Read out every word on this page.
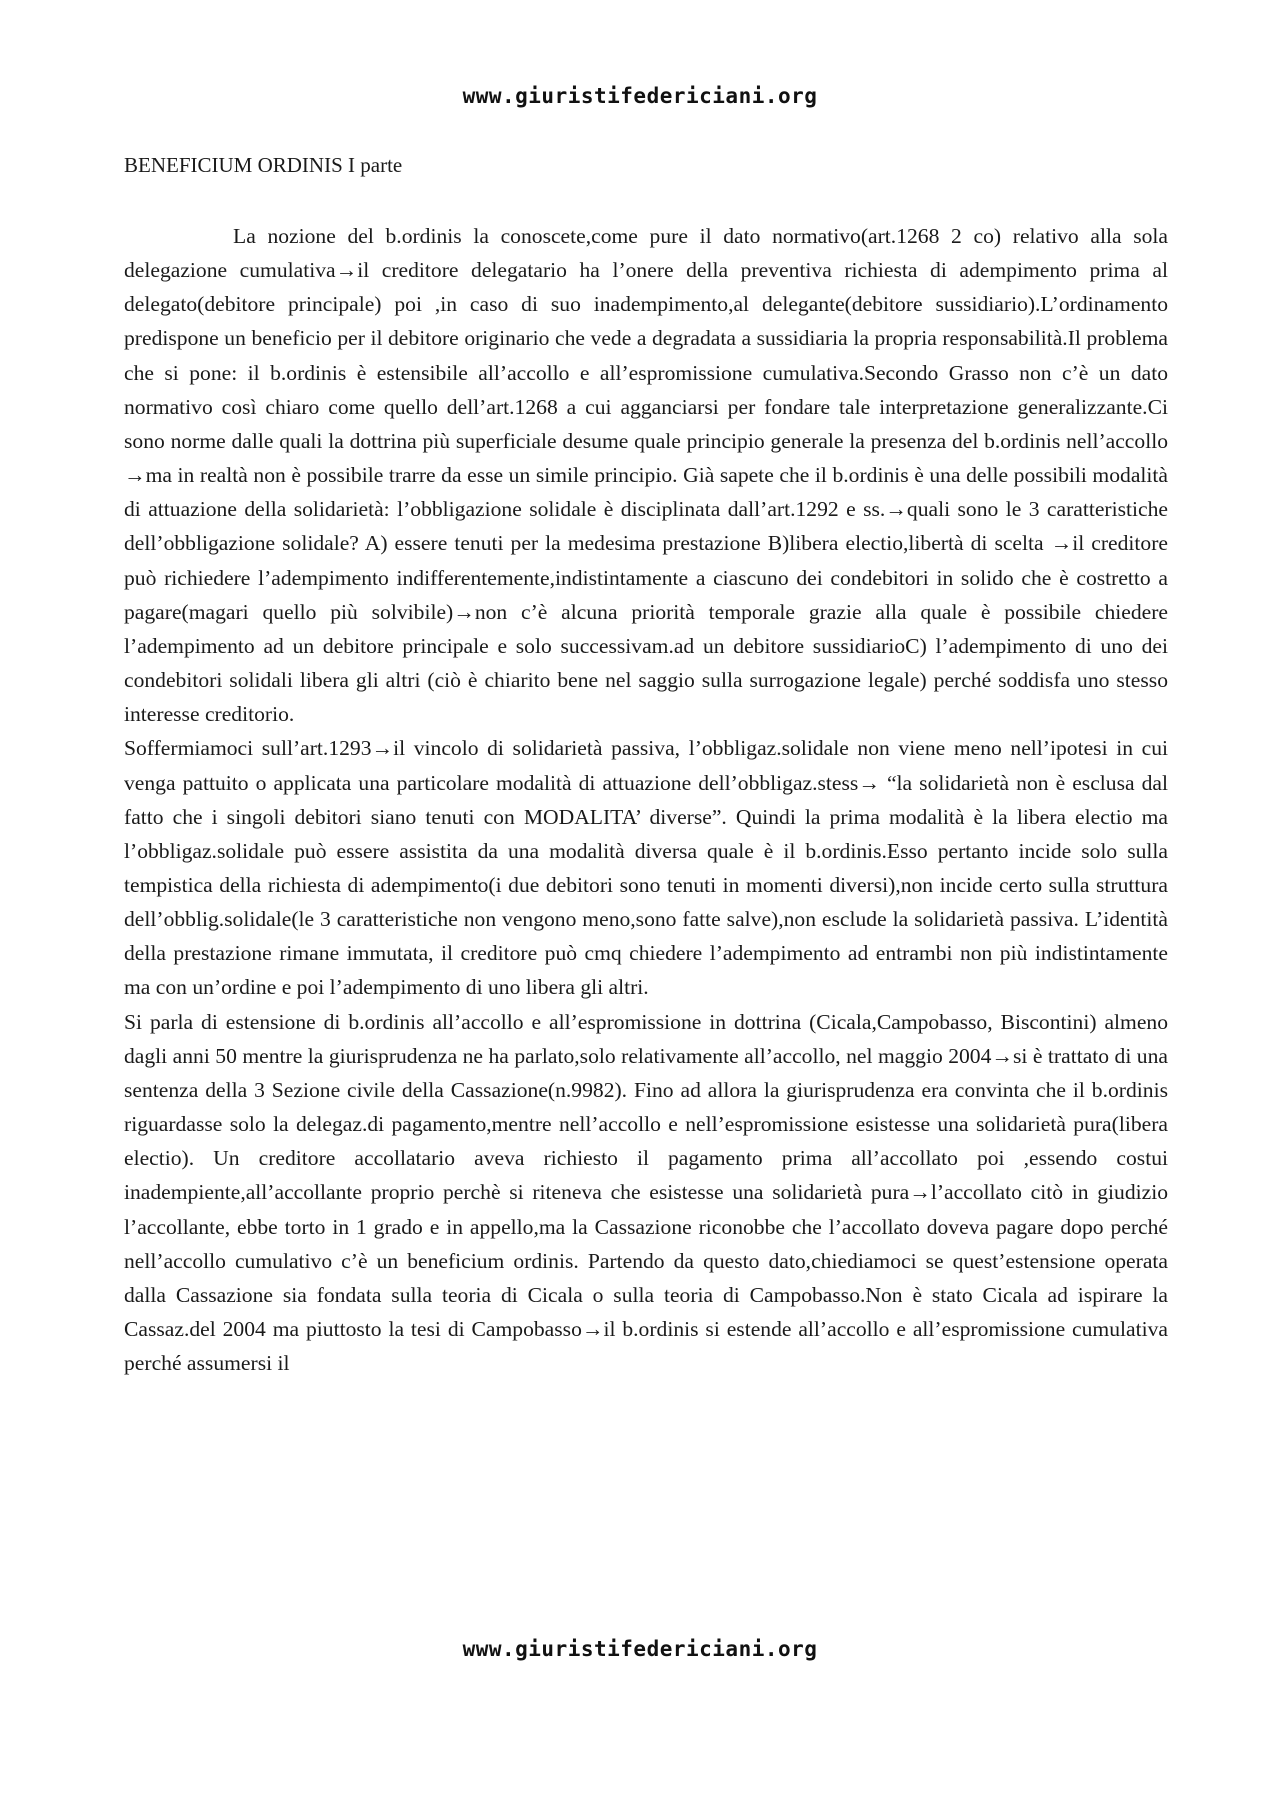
www.giuristifedericiani.org
BENEFICIUM ORDINIS I parte

La nozione del b.ordinis la conoscete,come pure il dato normativo(art.1268 2 co) relativo alla sola delegazione cumulativa→il creditore delegatario ha l’onere della preventiva richiesta di adempimento prima al delegato(debitore principale) poi ,in caso di suo inadempimento,al delegante(debitore sussidiario).L’ordinamento predispone un beneficio per il debitore originario che vede a degradata a sussidiaria la propria responsabilità.Il problema che si pone: il b.ordinis è estensibile all’accollo e all’espromissione cumulativa.Secondo Grasso non c’è un dato normativo così chiaro come quello dell’art.1268 a cui agganciarsi per fondare tale interpretazione generalizzante.Ci sono norme dalle quali la dottrina più superficiale desume quale principio generale la presenza del b.ordinis nell’accollo →ma in realtà non è possibile trarre da esse un simile principio. Già sapete che il b.ordinis è una delle possibili modalità di attuazione della solidarietà: l’obbligazione solidale è disciplinata dall’art.1292 e ss.→quali sono le 3 caratteristiche dell’obbligazione solidale? A) essere tenuti per la medesima prestazione B)libera electio,libertà di scelta →il creditore può richiedere l’adempimento indifferentemente,indistintamente a ciascuno dei condebitori in solido che è costretto a pagare(magari quello più solvibile)→non c’è alcuna priorità temporale grazie alla quale è possibile chiedere l’adempimento ad un debitore principale e solo successivam.ad un debitore sussidiarioC) l’adempimento di uno dei condebitori solidali libera gli altri (ciò è chiarito bene nel saggio sulla surrogazione legale) perché soddisfa uno stesso interesse creditorio.

Soffermiamoci sull’art.1293→il vincolo di solidarietà passiva, l’obbligaz.solidale non viene meno nell’ipotesi in cui venga pattuito o applicata una particolare modalità di attuazione dell’obbligaz.stess→ “la solidarietà non è esclusa dal fatto che i singoli debitori siano tenuti con MODALITA’ diverse”. Quindi la prima modalità è la libera electio ma l’obbligaz.solidale può essere assistita da una modalità diversa quale è il b.ordinis.Esso pertanto incide solo sulla tempistica della richiesta di adempimento(i due debitori sono tenuti in momenti diversi),non incide certo sulla struttura dell’obblig.solidale(le 3 caratteristiche non vengono meno,sono fatte salve),non esclude la solidarietà passiva. L’identità della prestazione rimane immutata, il creditore può cmq chiedere l’adempimento ad entrambi non più indistintamente ma con un’ordine e poi l’adempimento di uno libera gli altri.

Si parla di estensione di b.ordinis all’accollo e all’espromissione in dottrina (Cicala,Campobasso, Biscontini) almeno dagli anni 50 mentre la giurisprudenza ne ha parlato,solo relativamente all’accollo, nel maggio 2004→si è trattato di una sentenza della 3 Sezione civile della Cassazione(n.9982). Fino ad allora la giurisprudenza era convinta che il b.ordinis riguardasse solo la delegaz.di pagamento,mentre nell’accollo e nell’espromissione esistesse una solidarietà pura(libera electio). Un creditore accollatario aveva richiesto il pagamento prima all’accollato poi ,essendo costui inadempiente,all’accollante proprio perchè si riteneva che esistesse una solidarietà pura→l’accollato citò in giudizio l’accollante, ebbe torto in 1 grado e in appello,ma la Cassazione riconobbe che l’accollato doveva pagare dopo perché nell’accollo cumulativo c’è un beneficium ordinis. Partendo da questo dato,chiediamoci se quest’estensione operata dalla Cassazione sia fondata sulla teoria di Cicala o sulla teoria di Campobasso.Non è stato Cicala ad ispirare la Cassaz.del 2004 ma piuttosto la tesi di Campobasso→il b.ordinis si estende all’accollo e all’espromissione cumulativa perché assumersi il

www.giuristifedericiani.org
